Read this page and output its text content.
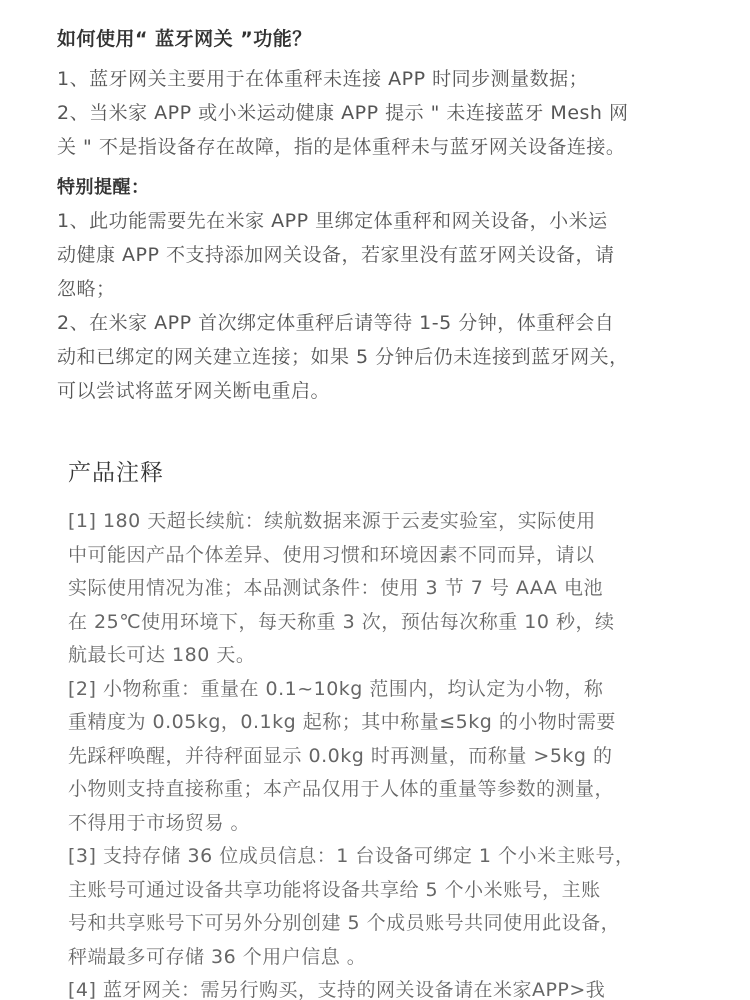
如何使用“ 蓝牙网关 ”功能？
1、蓝牙网关主要用于在体重秤未连接 APP 时同步测量数据；
2、当米家 APP 或小米运动健康 APP 提示 " 未连接蓝牙 Mesh 网
关 " 不是指设备存在故障，指的是体重秤未与蓝牙网关设备连接。
特别提醒：
1、此功能需要先在米家 APP 里绑定体重秤和网关设备，小米运
动健康 APP 不支持添加网关设备，若家里没有蓝牙网关设备，请
忽略；
2、在米家 APP 首次绑定体重秤后请等待 1-5 分钟，体重秤会自
动和已绑定的网关建立连接；如果 5 分钟后仍未连接到蓝牙网关，
可以尝试将蓝牙网关断电重启。
产品注释
[1] 180 天超长续航：续航数据来源于云麦实验室，实际使用
中可能因产品个体差异、使用习惯和环境因素不同而异，请以
实际使用情况为准；本品测试条件：使用 3 节 7 号 AAA 电池
在 25℃使用环境下，每天称重 3 次，预估每次称重 10 秒，续
航最长可达 180 天。
[2] 小物称重：重量在 0.1~10kg 范围内，均认定为小物，称
重精度为 0.05kg，0.1kg 起称；其中称量≤5kg 的小物时需要
先踩秤唤醒，并待秤面显示 0.0kg 时再测量，而称量 >5kg 的
小物则支持直接称重；本产品仅用于人体的重量等参数的测量，
不得用于市场贸易 。
[3] 支持存储 36 位成员信息：1 台设备可绑定 1 个小米主账号，
主账号可通过设备共享功能将设备共享给 5 个小米账号，主账
号和共享账号下可另外分别创建 5 个成员账号共同使用此设备，
秤端最多可存储 36 个用户信息 。
[4] 蓝牙网关：需另行购买，支持的网关设备请在米家APP>我
